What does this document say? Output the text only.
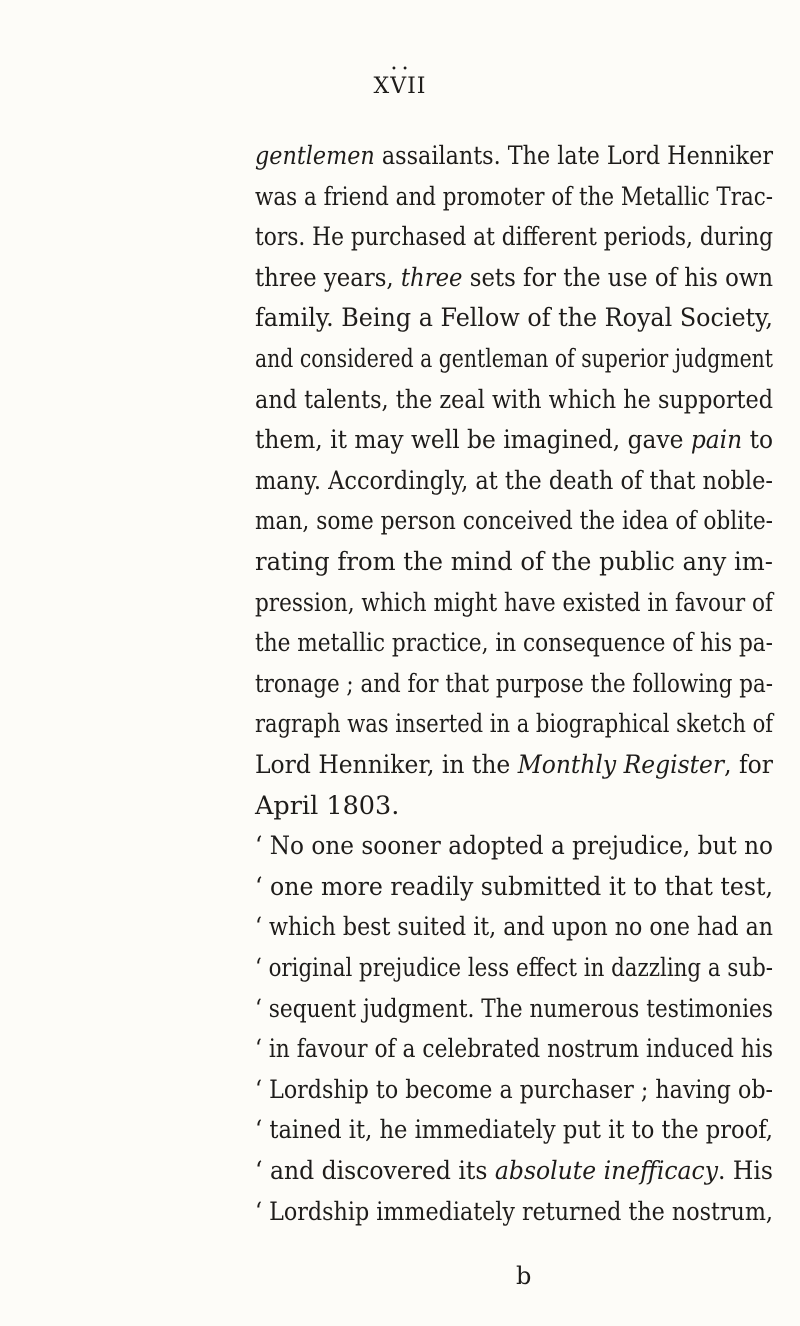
• •
XVII
gentlemen assailants. The late Lord Henniker
was a friend and promoter of the Metallic Trac-
tors. He purchased at different periods, during
three years, three sets for the use of his own
family. Being a Fellow of the Royal Society,
and considered a gentleman of superior judgment
and talents, the zeal with which he supported
them, it may well be imagined, gave pain to
many. Accordingly, at the death of that noble-
man, some person conceived the idea of oblite-
rating from the mind of the public any im-
pression, which might have existed in favour of
the metallic practice, in consequence of his pa-
tronage ; and for that purpose the following pa-
ragraph was inserted in a biographical sketch of
Lord Henniker, in the Monthly Register, for
April 1803.
‘ No one sooner adopted a prejudice, but no
‘ one more readily submitted it to that test,
‘ which best suited it, and upon no one had an
‘ original prejudice less effect in dazzling a sub-
‘ sequent judgment. The numerous testimonies
‘ in favour of a celebrated nostrum induced his
‘ Lordship to become a purchaser ; having ob-
‘ tained it, he immediately put it to the proof,
‘ and discovered its absolute inefficacy. His
‘ Lordship immediately returned the nostrum,
b
